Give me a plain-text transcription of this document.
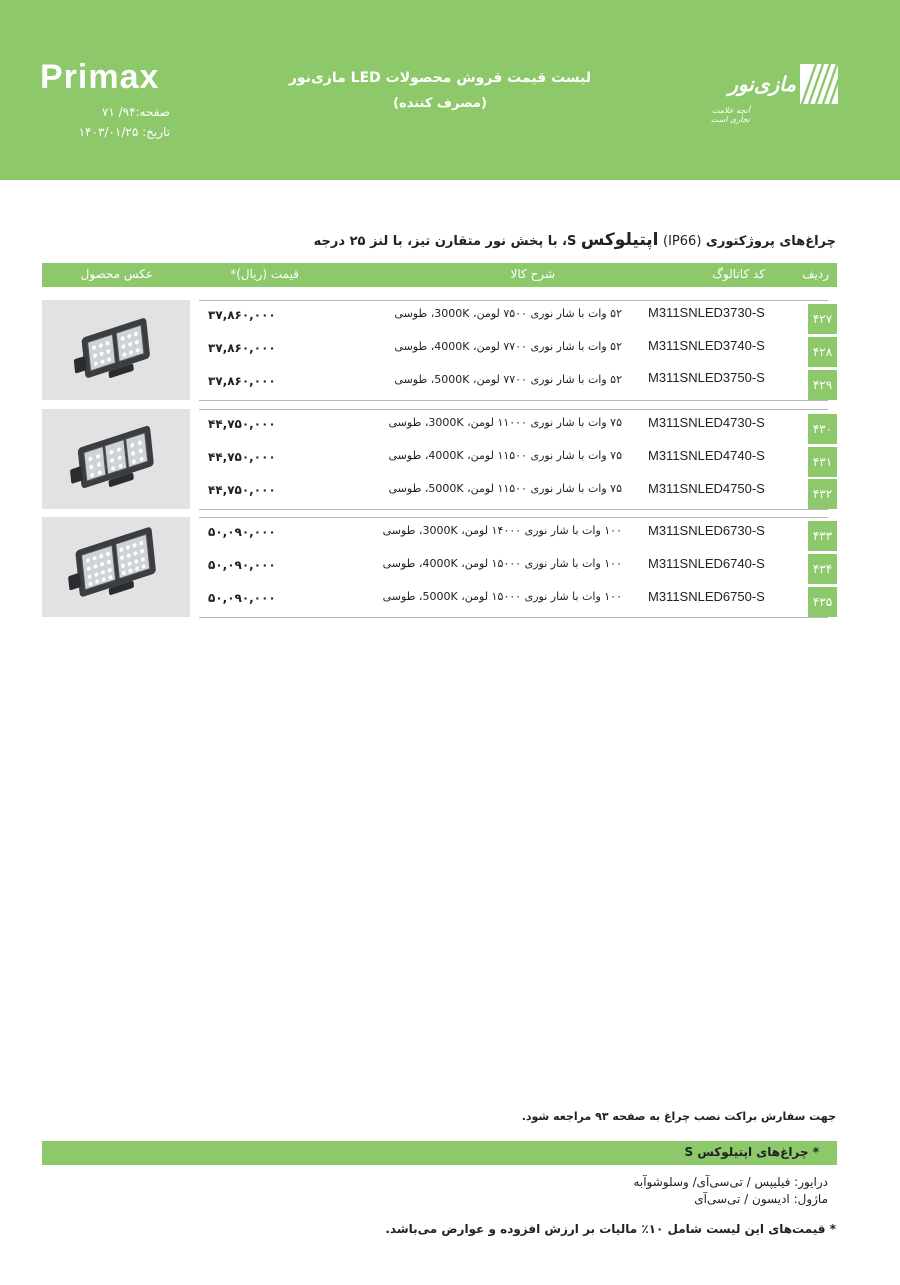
Primax
صفحه:۹۴/ ۷۱
تاریخ: ۱۴۰۳/۰۱/۲۵
لیست قیمت فروش محصولات LED مازی‌نور
(مصرف کننده)
مازی‌نور
آنچه علامت تجاری است
چراغ‌های پروژکتوری (IP66) اپتیلوکس S، با پخش نور متقارن تیز، با لنز ۲۵ درجه
ردیف
کد کاتالوگ
شرح کالا
قیمت (ریال)*
عکس محصول
۴۲۷
M311SNLED3730-S
۵۲ وات با شار نوری ۷۵۰۰ لومن، 3000K، طوسی
۳۷,۸۶۰,۰۰۰
۴۲۸
M311SNLED3740-S
۵۲ وات با شار نوری ۷۷۰۰ لومن، 4000K، طوسی
۳۷,۸۶۰,۰۰۰
۴۲۹
M311SNLED3750-S
۵۲ وات با شار نوری ۷۷۰۰ لومن، 5000K، طوسی
۳۷,۸۶۰,۰۰۰
۴۳۰
M311SNLED4730-S
۷۵ وات با شار نوری ۱۱۰۰۰ لومن، 3000K، طوسی
۴۴,۷۵۰,۰۰۰
۴۳۱
M311SNLED4740-S
۷۵ وات با شار نوری ۱۱۵۰۰ لومن، 4000K، طوسی
۴۴,۷۵۰,۰۰۰
۴۳۲
M311SNLED4750-S
۷۵ وات با شار نوری ۱۱۵۰۰ لومن، 5000K، طوسی
۴۴,۷۵۰,۰۰۰
۴۳۳
M311SNLED6730-S
۱۰۰ وات با شار نوری ۱۴۰۰۰ لومن، 3000K، طوسی
۵۰,۰۹۰,۰۰۰
۴۳۴
M311SNLED6740-S
۱۰۰ وات با شار نوری ۱۵۰۰۰ لومن، 4000K، طوسی
۵۰,۰۹۰,۰۰۰
۴۳۵
M311SNLED6750-S
۱۰۰ وات با شار نوری ۱۵۰۰۰ لومن، 5000K، طوسی
۵۰,۰۹۰,۰۰۰
جهت سفارش براکت نصب چراغ به صفحه ۹۳ مراجعه شود.
* چراغ‌های اپتیلوکس S
درایور: فیلیپس / تی‌سی‌آی/ وسلوشوآبه
ماژول: ادیسون / تی‌سی‌آی
* قیمت‌های این لیست شامل ۱۰٪ مالیات بر ارزش افزوده و عوارض می‌باشد.
